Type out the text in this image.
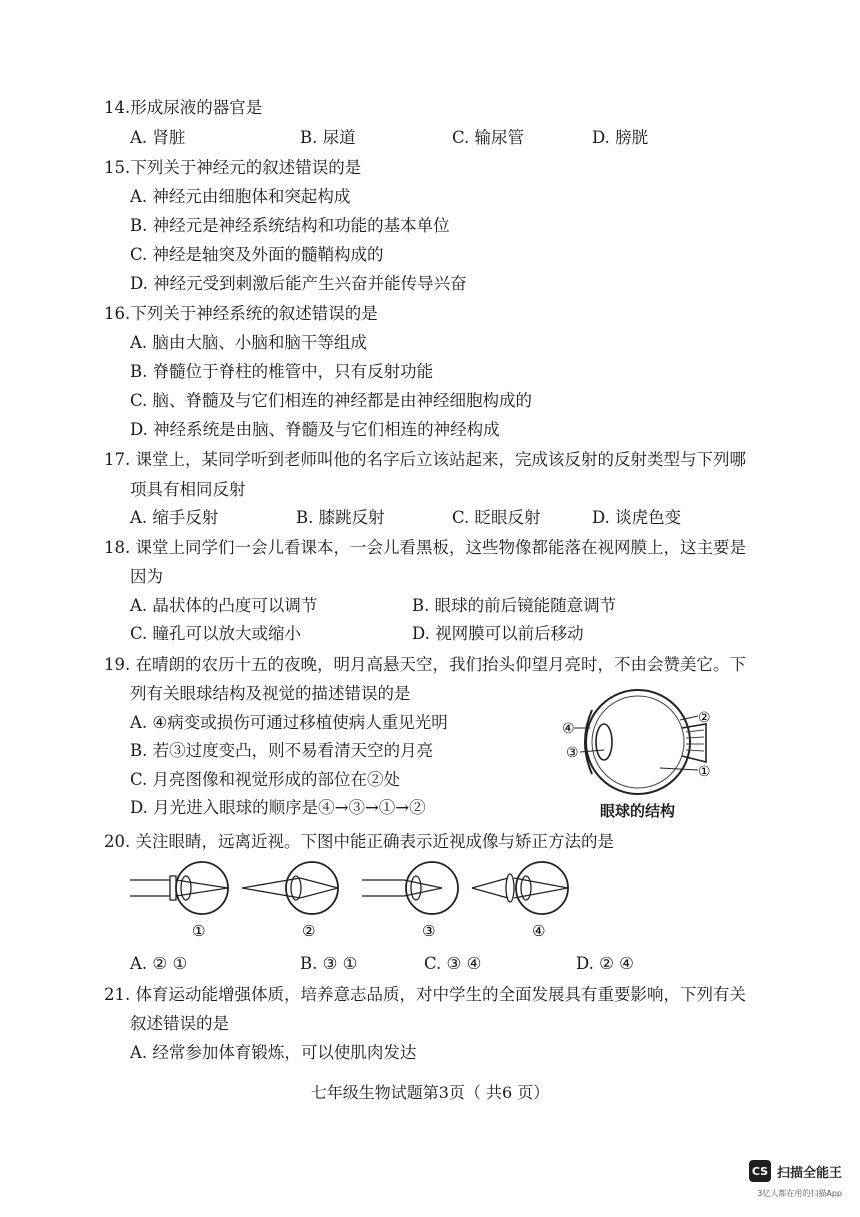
14.形成尿液的器官是
A. 肾脏	B. 尿道	C. 输尿管	D. 膀胱
15.下列关于神经元的叙述错误的是
A. 神经元由细胞体和突起构成
B. 神经元是神经系统结构和功能的基本单位
C. 神经是轴突及外面的髓鞘构成的
D. 神经元受到刺激后能产生兴奋并能传导兴奋
16.下列关于神经系统的叙述错误的是
A. 脑由大脑、小脑和脑干等组成
B. 脊髓位于脊柱的椎管中，只有反射功能
C. 脑、脊髓及与它们相连的神经都是由神经细胞构成的
D. 神经系统是由脑、脊髓及与它们相连的神经构成
17. 课堂上，某同学听到老师叫他的名字后立该站起来，完成该反射的反射类型与下列哪
项具有相同反射
A. 缩手反射	B. 膝跳反射	C. 眨眼反射	D. 谈虎色变
18. 课堂上同学们一会儿看课本，一会儿看黑板，这些物像都能落在视网膜上，这主要是
因为
A. 晶状体的凸度可以调节	B. 眼球的前后镜能随意调节
C. 瞳孔可以放大或缩小	D. 视网膜可以前后移动
19. 在晴朗的农历十五的夜晚，明月高悬天空，我们抬头仰望月亮时，不由会赞美它。下
列有关眼球结构及视觉的描述错误的是
A. ④病变或损伤可通过移植使病人重见光明
B. 若③过度变凸，则不易看清天空的月亮
C. 月亮图像和视觉形成的部位在②处
D. 月光进入眼球的顺序是④→③→①→②
④
③
②
①
眼球的结构
20. 关注眼睛，远离近视。下图中能正确表示近视成像与矫正方法的是
①	②	③	④
A. ② ①	B. ③ ①	C. ③ ④	D. ② ④
21. 体育运动能增强体质，培养意志品质，对中学生的全面发展具有重要影响，下列有关
叙述错误的是
A. 经常参加体育锻炼，可以使肌肉发达
七年级生物试题第3页（ 共6 页）
CS 扫描全能王
3亿人都在用的扫描App
